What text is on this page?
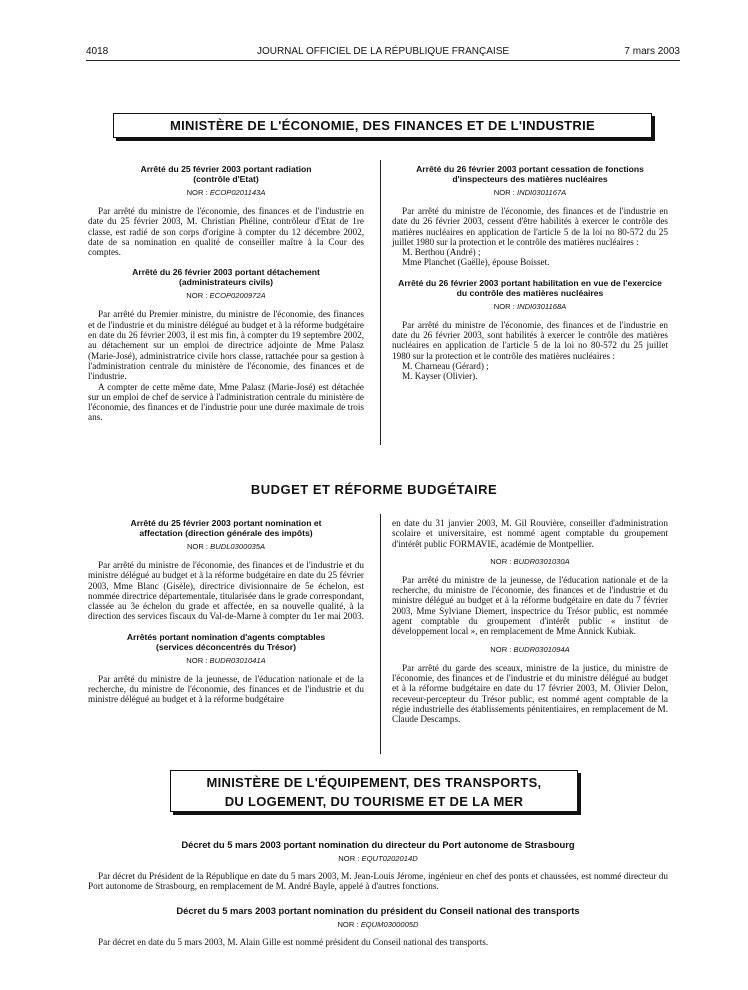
4018	JOURNAL OFFICIEL DE LA RÉPUBLIQUE FRANÇAISE	7 mars 2003
MINISTÈRE DE L'ÉCONOMIE, DES FINANCES ET DE L'INDUSTRIE

Arrêté du 25 février 2003 portant radiation (contrôle d'Etat)

NOR : ECOP0201143A

Par arrêté du ministre de l'économie, des finances et de l'industrie en date du 25 février 2003, M. Christian Phéline, contrôleur d'Etat de 1re classe, est radié de son corps d'origine à compter du 12 décembre 2002, date de sa nomination en qualité de conseiller maître à la Cour des comptes.

Arrêté du 26 février 2003 portant détachement (administrateurs civils)

NOR : ECOP0200972A

Par arrêté du Premier ministre, du ministre de l'économie, des finances et de l'industrie et du ministre délégué au budget et à la réforme budgétaire en date du 26 février 2003, il est mis fin, à compter du 19 septembre 2002, au détachement sur un emploi de directrice adjointe de Mme Palasz (Marie-José), administratrice civile hors classe, rattachée pour sa gestion à l'administration centrale du ministère de l'économie, des finances et de l'industrie.

A compter de cette même date, Mme Palasz (Marie-José) est détachée sur un emploi de chef de service à l'administration centrale du ministère de l'économie, des finances et de l'industrie pour une durée maximale de trois ans.

Arrêté du 26 février 2003 portant cessation de fonctions d'inspecteurs des matières nucléaires

NOR : INDI0301167A

Par arrêté du ministre de l'économie, des finances et de l'industrie en date du 26 février 2003, cessent d'être habilités à exercer le contrôle des matières nucléaires en application de l'article 5 de la loi no 80-572 du 25 juillet 1980 sur la protection et le contrôle des matières nucléaires :

M. Berthou (André) ;

Mme Planchet (Gaëlle), épouse Boisset.

Arrêté du 26 février 2003 portant habilitation en vue de l'exercice du contrôle des matières nucléaires

NOR : INDI0301168A

Par arrêté du ministre de l'économie, des finances et de l'industrie en date du 26 février 2003, sont habilités à exercer le contrôle des matières nucléaires en application de l'article 5 de la loi no 80-572 du 25 juillet 1980 sur la protection et le contrôle des matières nucléaires :

M. Charneau (Gérard) ;

M. Kayser (Olivier).

BUDGET ET RÉFORME BUDGÉTAIRE

Arrêté du 25 février 2003 portant nomination et affectation (direction générale des impôts)

NOR : BUDL0300035A

Par arrêté du ministre de l'économie, des finances et de l'industrie et du ministre délégué au budget et à la réforme budgétaire en date du 25 février 2003, Mme Blanc (Gisèle), directrice divisionnaire de 5e échelon, est nommée directrice départementale, titularisée dans le grade correspondant, classée au 3e échelon du grade et affectée, en sa nouvelle qualité, à la direction des services fiscaux du Val-de-Marne à compter du 1er mai 2003.

Arrêtés portant nomination d'agents comptables (services déconcentrés du Trésor)

NOR : BUDR0301041A

Par arrêté du ministre de la jeunesse, de l'éducation nationale et de la recherche, du ministre de l'économie, des finances et de l'industrie et du ministre délégué au budget et à la réforme budgétaire

en date du 31 janvier 2003, M. Gil Rouvière, conseiller d'administration scolaire et universitaire, est nommé agent comptable du groupement d'intérêt public FORMAVIE, académie de Montpellier.

NOR : BUDR0301030A

Par arrêté du ministre de la jeunesse, de l'éducation nationale et de la recherche, du ministre de l'économie, des finances et de l'industrie et du ministre délégué au budget et à la réforme budgétaire en date du 7 février 2003, Mme Sylviane Diemert, inspectrice du Trésor public, est nommée agent comptable du groupement d'intérêt public « institut de développement local », en remplacement de Mme Annick Kubiak.

NOR : BUDR0301094A

Par arrêté du garde des sceaux, ministre de la justice, du ministre de l'économie, des finances et de l'industrie et du ministre délégué au budget et à la réforme budgétaire en date du 17 février 2003, M. Olivier Delon, receveur-percepteur du Trésor public, est nommé agent comptable de la régie industrielle des établissements pénitentiaires, en remplacement de M. Claude Descamps.

MINISTÈRE DE L'ÉQUIPEMENT, DES TRANSPORTS,
DU LOGEMENT, DU TOURISME ET DE LA MER

Décret du 5 mars 2003 portant nomination du directeur du Port autonome de Strasbourg

NOR : EQUT0202014D

Par décret du Président de la République en date du 5 mars 2003, M. Jean-Louis Jérome, ingénieur en chef des ponts et chaussées, est nommé directeur du Port autonome de Strasbourg, en remplacement de M. André Bayle, appelé à d'autres fonctions.

Décret du 5 mars 2003 portant nomination du président du Conseil national des transports

NOR : EQUM0300005D

Par décret en date du 5 mars 2003, M. Alain Gille est nommé président du Conseil national des transports.
